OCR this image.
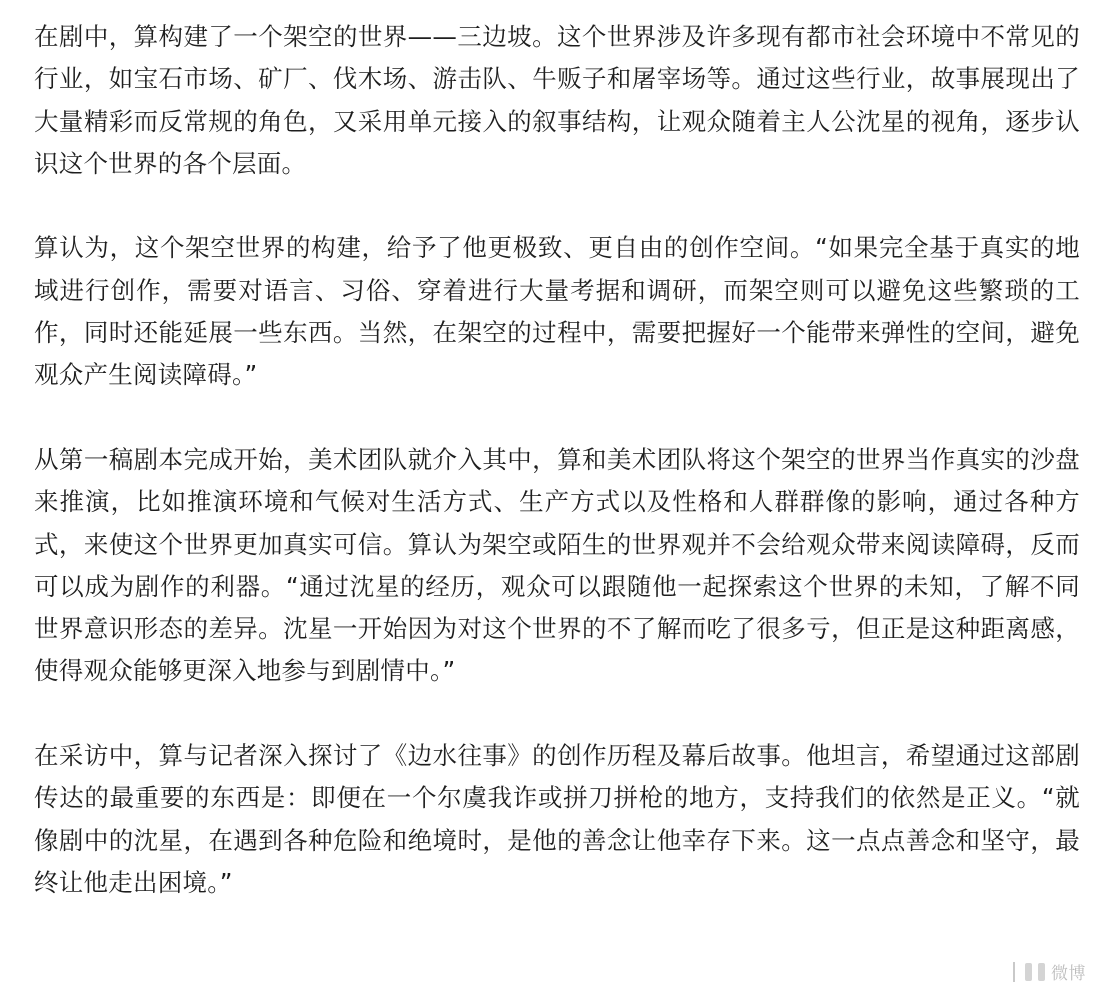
在剧中，算构建了一个架空的世界——三边坡。这个世界涉及许多现有都市社会环境中不常见的行业，如宝石市场、矿厂、伐木场、游击队、牛贩子和屠宰场等。通过这些行业，故事展现出了大量精彩而反常规的角色，又采用单元接入的叙事结构，让观众随着主人公沈星的视角，逐步认识这个世界的各个层面。

算认为，这个架空世界的构建，给予了他更极致、更自由的创作空间。“如果完全基于真实的地域进行创作，需要对语言、习俗、穿着进行大量考据和调研，而架空则可以避免这些繁琐的工作，同时还能延展一些东西。当然，在架空的过程中，需要把握好一个能带来弹性的空间，避免观众产生阅读障碍。”

从第一稿剧本完成开始，美术团队就介入其中，算和美术团队将这个架空的世界当作真实的沙盘来推演，比如推演环境和气候对生活方式、生产方式以及性格和人群群像的影响，通过各种方式，来使这个世界更加真实可信。算认为架空或陌生的世界观并不会给观众带来阅读障碍，反而可以成为剧作的利器。“通过沈星的经历，观众可以跟随他一起探索这个世界的未知，了解不同世界意识形态的差异。沈星一开始因为对这个世界的不了解而吃了很多亏，但正是这种距离感，使得观众能够更深入地参与到剧情中。”

在采访中，算与记者深入探讨了《边水往事》的创作历程及幕后故事。他坦言，希望通过这部剧传达的最重要的东西是：即便在一个尔虞我诈或拼刀拼枪的地方，支持我们的依然是正义。“就像剧中的沈星，在遇到各种危险和绝境时，是他的善念让他幸存下来。这一点点善念和坚守，最终让他走出困境。”

微博
